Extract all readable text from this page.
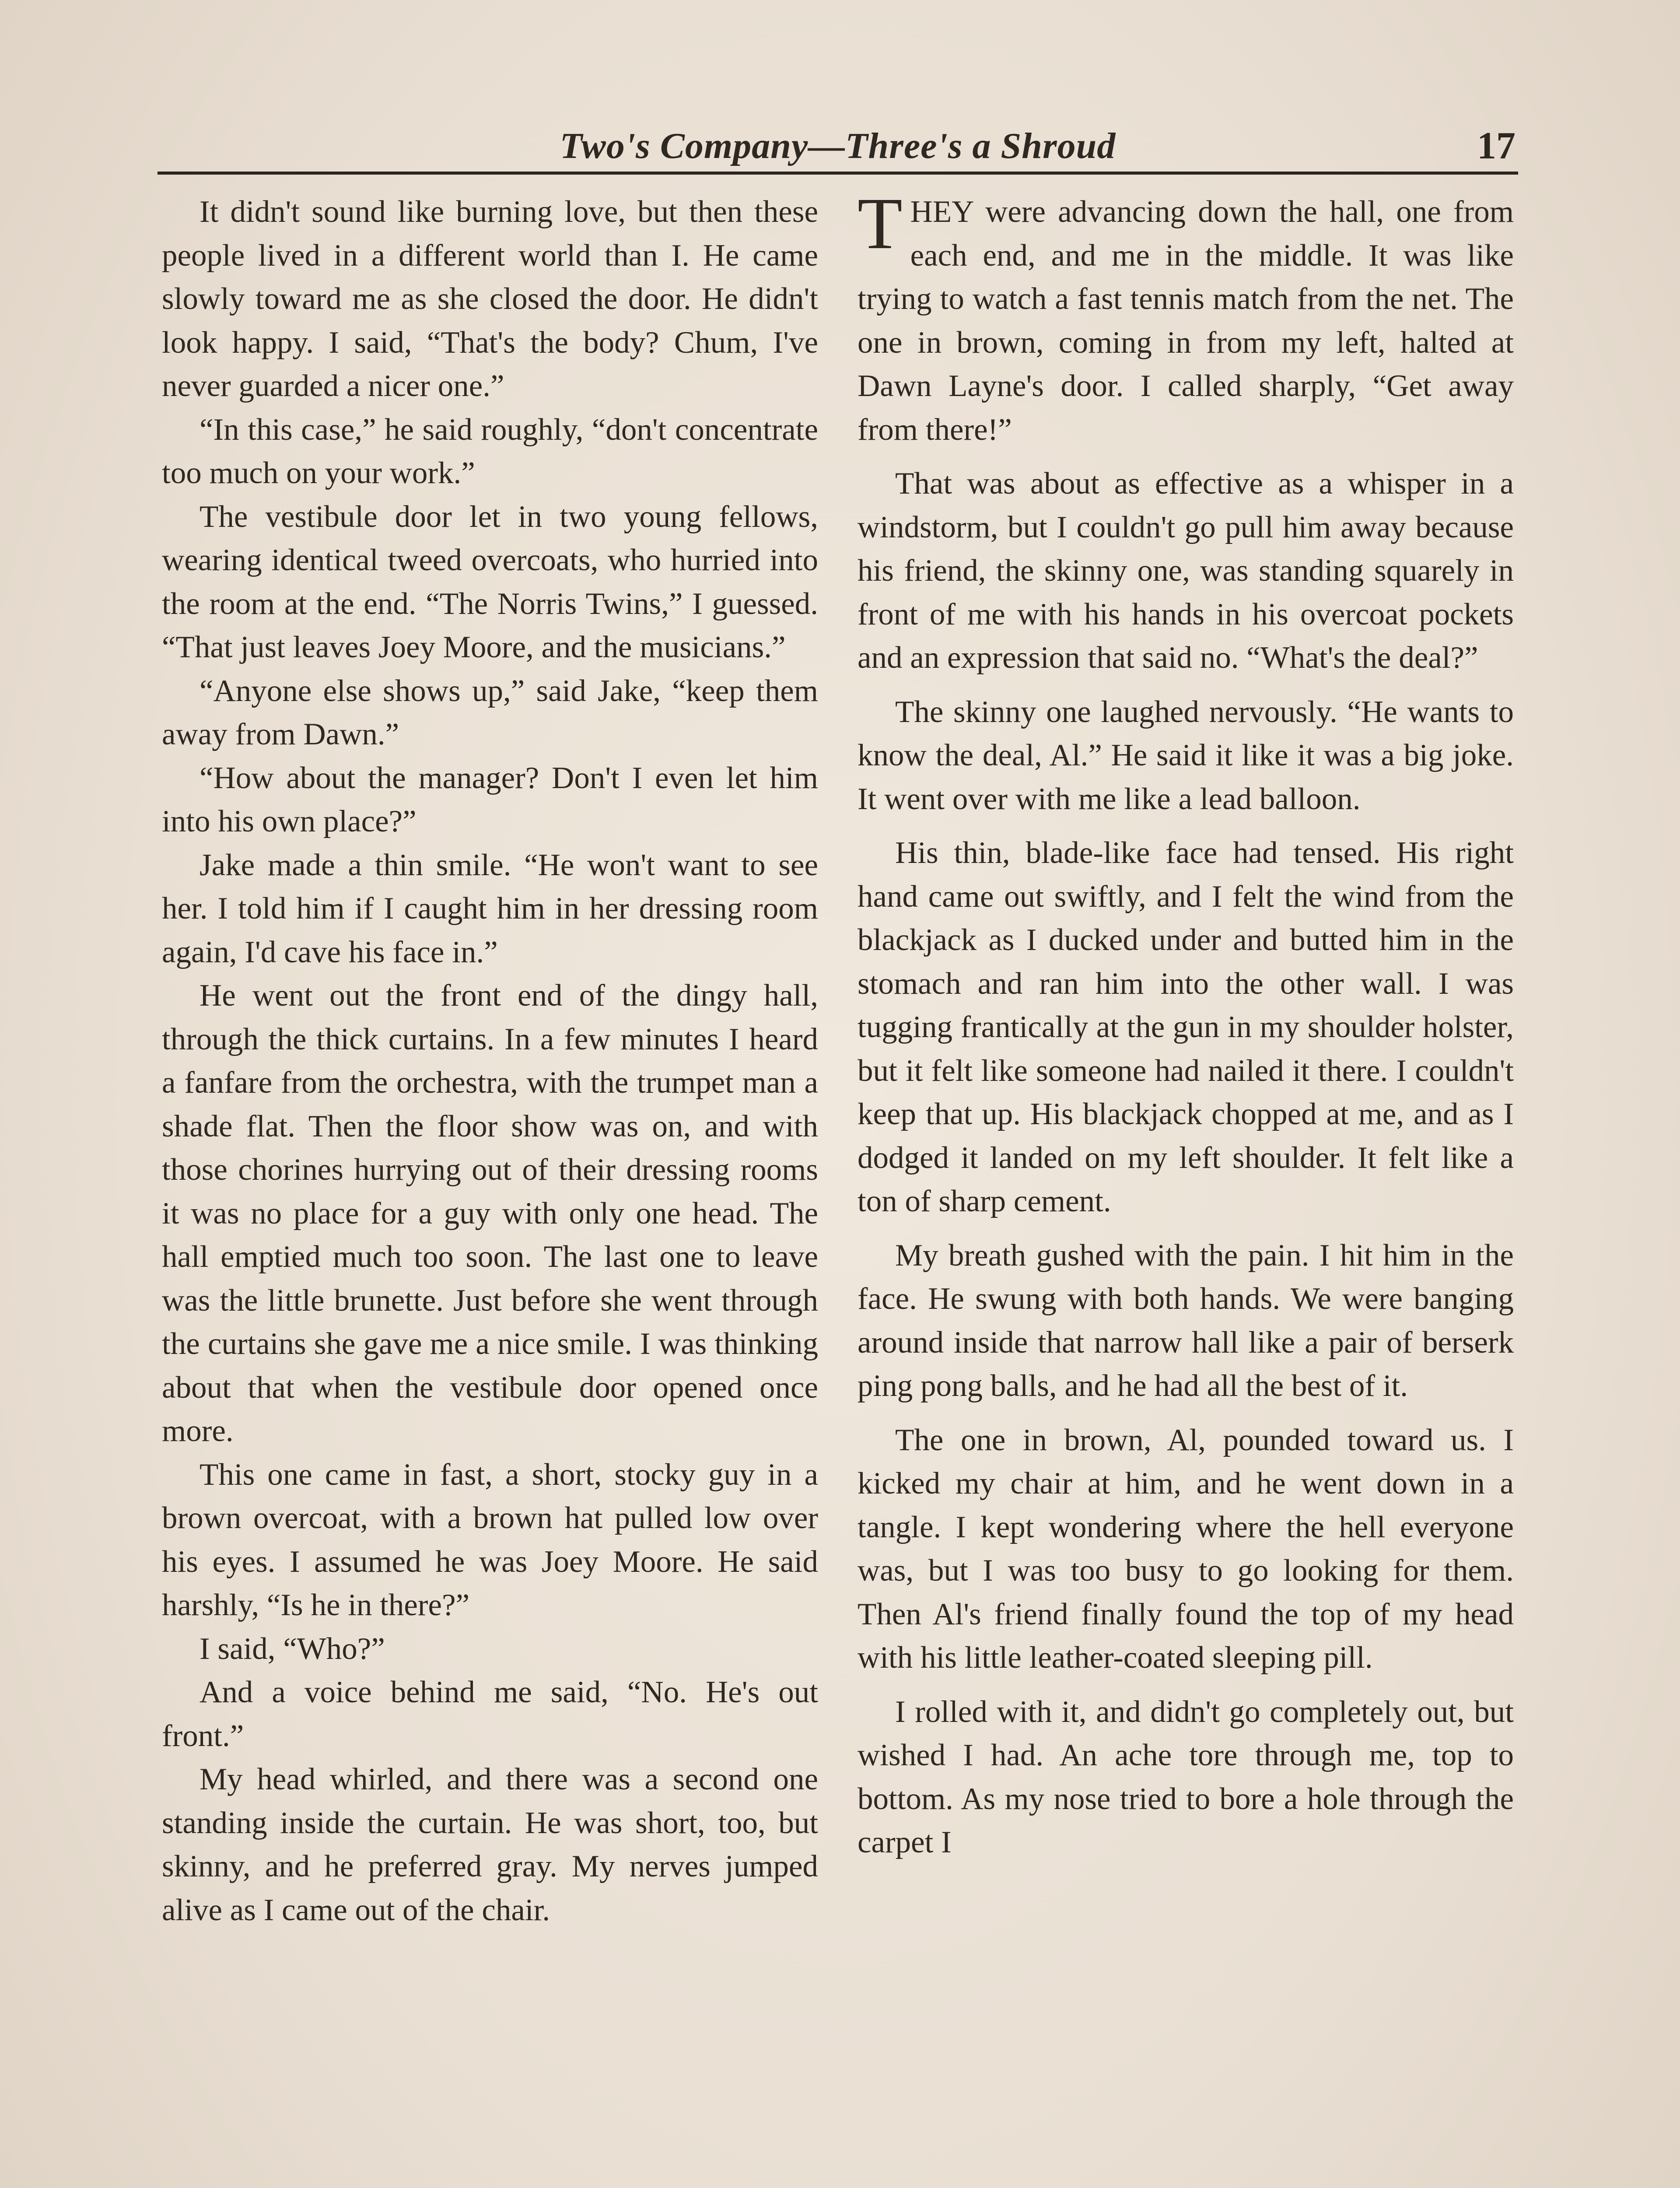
Two's Company—Three's a Shroud	17

It didn't sound like burning love, but then these people lived in a different world than I. He came slowly toward me as she closed the door. He didn't look happy. I said, “That's the body? Chum, I've never guarded a nicer one.”

“In this case,” he said roughly, “don't concentrate too much on your work.”

The vestibule door let in two young fellows, wearing identical tweed overcoats, who hurried into the room at the end. “The Norris Twins,” I guessed. “That just leaves Joey Moore, and the musicians.”

“Anyone else shows up,” said Jake, “keep them away from Dawn.”

“How about the manager? Don't I even let him into his own place?”

Jake made a thin smile. “He won't want to see her. I told him if I caught him in her dressing room again, I'd cave his face in.”

He went out the front end of the dingy hall, through the thick curtains. In a few minutes I heard a fanfare from the orchestra, with the trumpet man a shade flat. Then the floor show was on, and with those chorines hurrying out of their dressing rooms it was no place for a guy with only one head. The hall emptied much too soon. The last one to leave was the little brunette. Just before she went through the curtains she gave me a nice smile. I was thinking about that when the vestibule door opened once more.

This one came in fast, a short, stocky guy in a brown overcoat, with a brown hat pulled low over his eyes. I assumed he was Joey Moore. He said harshly, “Is he in there?”

I said, “Who?”

And a voice behind me said, “No. He's out front.”

My head whirled, and there was a second one standing inside the curtain. He was short, too, but skinny, and he preferred gray. My nerves jumped alive as I came out of the chair.

THEY were advancing down the hall, one from each end, and me in the middle. It was like trying to watch a fast tennis match from the net. The one in brown, coming in from my left, halted at Dawn Layne's door. I called sharply, “Get away from there!”

That was about as effective as a whisper in a windstorm, but I couldn't go pull him away because his friend, the skinny one, was standing squarely in front of me with his hands in his overcoat pockets and an expression that said no. “What's the deal?”

The skinny one laughed nervously. “He wants to know the deal, Al.” He said it like it was a big joke. It went over with me like a lead balloon.

His thin, blade-like face had tensed. His right hand came out swiftly, and I felt the wind from the blackjack as I ducked under and butted him in the stomach and ran him into the other wall. I was tugging frantically at the gun in my shoulder holster, but it felt like someone had nailed it there. I couldn't keep that up. His blackjack chopped at me, and as I dodged it landed on my left shoulder. It felt like a ton of sharp cement.

My breath gushed with the pain. I hit him in the face. He swung with both hands. We were banging around inside that narrow hall like a pair of berserk ping pong balls, and he had all the best of it.

The one in brown, Al, pounded toward us. I kicked my chair at him, and he went down in a tangle. I kept wondering where the hell everyone was, but I was too busy to go looking for them. Then Al's friend finally found the top of my head with his little leather-coated sleeping pill.

I rolled with it, and didn't go completely out, but wished I had. An ache tore through me, top to bottom. As my nose tried to bore a hole through the carpet I
